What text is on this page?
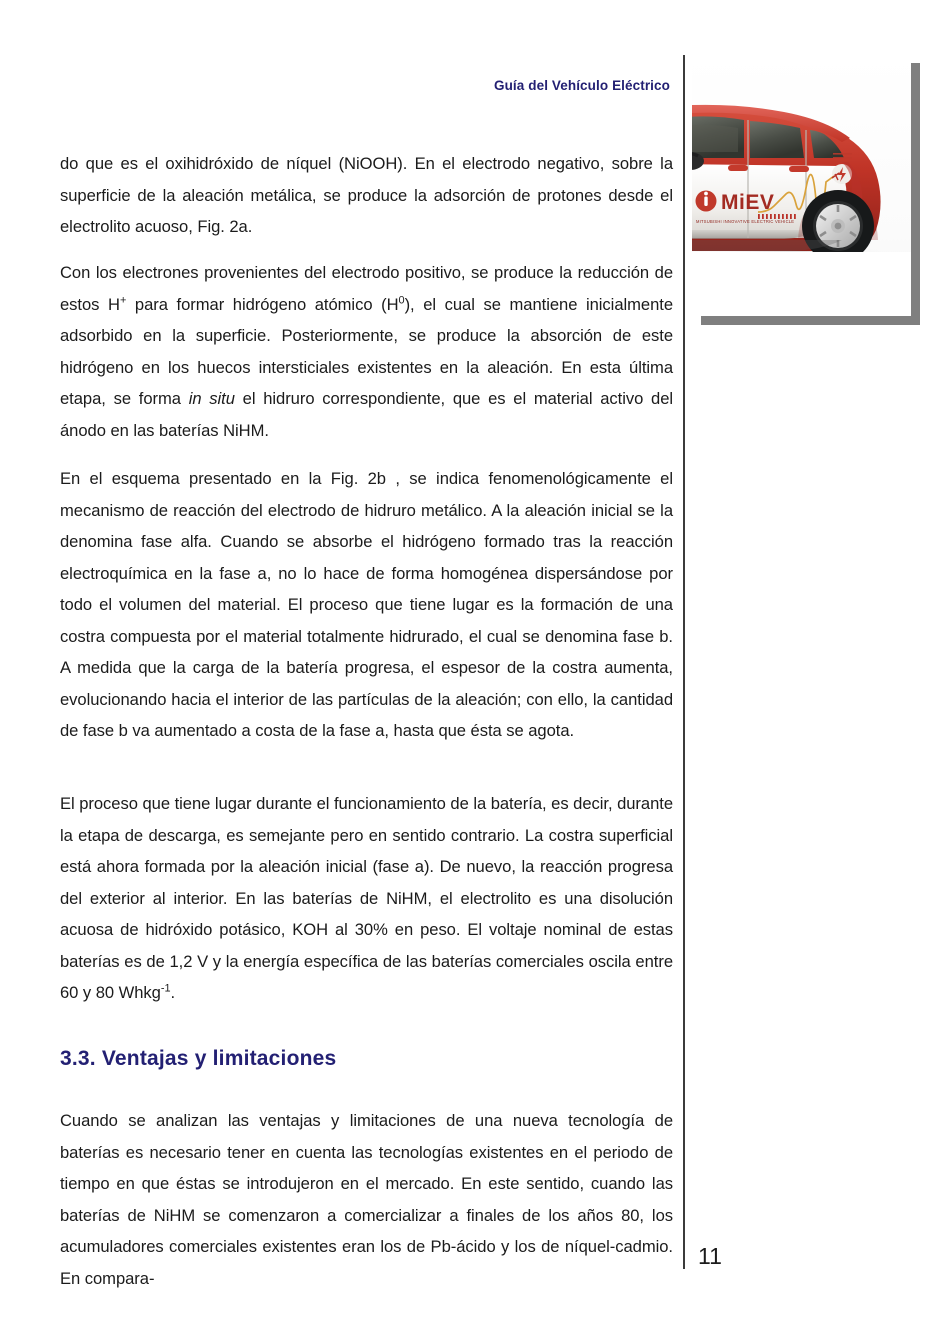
Guía del Vehículo Eléctrico
MiEV
MITSUBISHI INNOVATIVE ELECTRIC VEHICLE

do que es el oxihidróxido de níquel (NiOOH). En el electrodo negativo, sobre la superficie de la aleación metálica, se produce la adsorción de protones desde el electrolito acuoso, Fig. 2a.

Con los electrones provenientes del electrodo positivo, se produce la reducción de estos H+ para formar hidrógeno atómico $(H^0)$, el cual se mantiene inicialmente adsorbido en la superficie. Posteriormente, se produce la absorción de este hidrógeno en los huecos intersticiales existentes en la aleación. En esta última etapa, se forma in situ el hidruro correspondiente, que es el material activo del ánodo en las baterías NiHM.

En el esquema presentado en la Fig. 2b , se indica fenomenológicamente el mecanismo de reacción del electrodo de hidruro metálico. A la aleación inicial se la denomina fase alfa. Cuando se absorbe el hidrógeno formado tras la reacción electroquímica en la fase a, no lo hace de forma homogénea dispersándose por todo el volumen del material. El proceso que tiene lugar es la formación de una costra compuesta por el material totalmente hidrurado, el cual se denomina fase b. A medida que la carga de la batería progresa, el espesor de la costra aumenta, evolucionando hacia el interior de las partículas de la aleación; con ello, la cantidad de fase b va aumentado a costa de la fase a, hasta que ésta se agota.

El proceso que tiene lugar durante el funcionamiento de la batería, es decir, durante la etapa de descarga, es semejante pero en sentido contrario. La costra superficial está ahora formada por la aleación inicial (fase a). De nuevo, la reacción progresa del exterior al interior. En las baterías de NiHM, el electrolito es una disolución acuosa de hidróxido potásico, KOH al 30% en peso. El voltaje nominal de estas baterías es de 1,2 V y la energía específica de las baterías comerciales oscila entre 60 y 80 Whkg$^{-1}$.

3.3. Ventajas y limitaciones

Cuando se analizan las ventajas y limitaciones de una nueva tecnología de baterías es necesario tener en cuenta las tecnologías existentes en el periodo de tiempo en que éstas se introdujeron en el mercado. En este sentido, cuando las baterías de NiHM se comenzaron a comercializar a finales de los años 80, los acumuladores comerciales existentes eran los de Pb-ácido y los de níquel-cadmio. En compara-

11
